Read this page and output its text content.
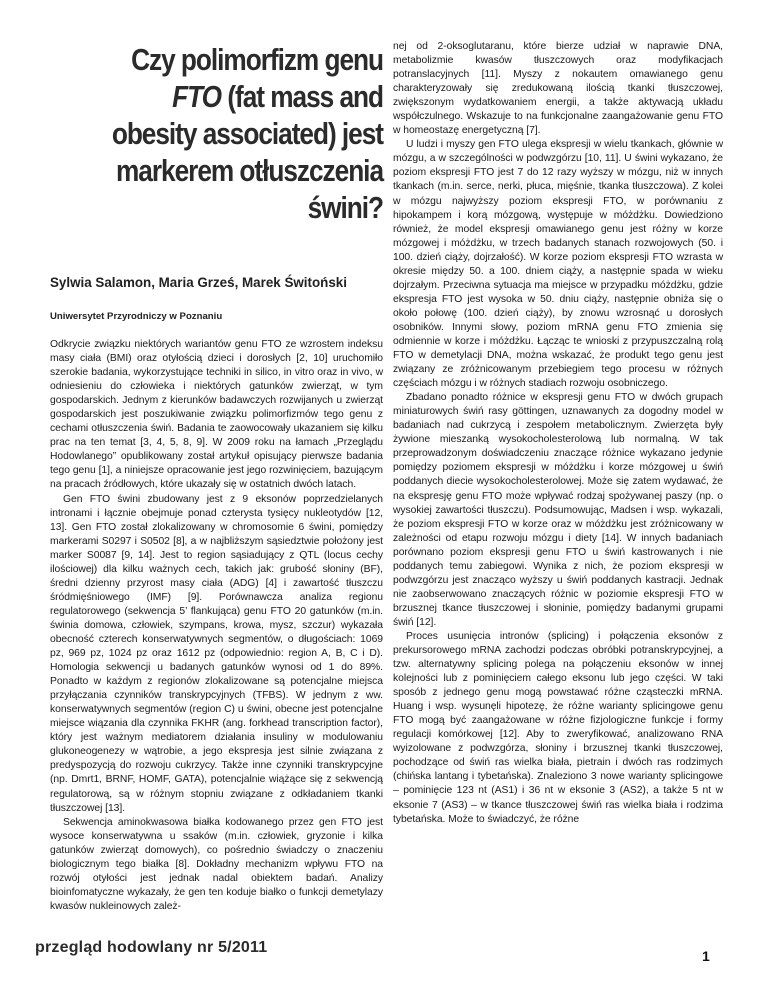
Czy polimorfizm genu
FTO (fat mass and obesity associated) jest markerem otłuszczenia świni?
Sylwia Salamon, Maria Grześ, Marek Świtoński
Uniwersytet Przyrodniczy w Poznaniu
Odkrycie związku niektórych wariantów genu FTO ze wzrostem indeksu masy ciała (BMI) oraz otyłością dzieci i dorosłych [2, 10] uruchomiło szerokie badania, wykorzystujące techniki in silico, in vitro oraz in vivo, w odniesieniu do człowieka i niektórych gatunków zwierząt, w tym gospodarskich. Jednym z kierunków badawczych rozwijanych u zwierząt gospodarskich jest poszukiwanie związku polimorfizmów tego genu z cechami otłuszczenia świń. Badania te zaowocowały ukazaniem się kilku prac na ten temat [3, 4, 5, 8, 9]. W 2009 roku na łamach „Przeglądu Hodowlanego” opublikowany został artykuł opisujący pierwsze badania tego genu [1], a niniejsze opracowanie jest jego rozwinięciem, bazującym na pracach źródłowych, które ukazały się w ostatnich dwóch latach.
Gen FTO świni zbudowany jest z 9 eksonów poprzedzielanych intronami i łącznie obejmuje ponad czterysta tysięcy nukleotydów [12, 13]. Gen FTO został zlokalizowany w chromosomie 6 świni, pomiędzy markerami S0297 i S0502 [8], a w najbliższym sąsiedztwie położony jest marker S0087 [9, 14]. Jest to region sąsiadujący z QTL (locus cechy ilościowej) dla kilku ważnych cech, takich jak: grubość słoniny (BF), średni dzienny przyrost masy ciała (ADG) [4] i zawartość tłuszczu śródmięśniowego (IMF) [9]. Porównawcza analiza regionu regulatorowego (sekwencja 5’ flankująca) genu FTO 20 gatunków (m.in. świnia domowa, człowiek, szympans, krowa, mysz, szczur) wykazała obecność czterech konserwatywnych segmentów, o długościach: 1069 pz, 969 pz, 1024 pz oraz 1612 pz (odpowiednio: region A, B, C i D). Homologia sekwencji u badanych gatunków wynosi od 1 do 89%. Ponadto w każdym z regionów zlokalizowane są potencjalne miejsca przyłączania czynników transkrypcyjnych (TFBS). W jednym z ww. konserwatywnych segmentów (region C) u świni, obecne jest potencjalne miejsce wiązania dla czynnika FKHR (ang. forkhead transcription factor), który jest ważnym mediatorem działania insuliny w modulowaniu glukoneogenezy w wątrobie, a jego ekspresja jest silnie związana z predyspozycją do rozwoju cukrzycy. Także inne czynniki transkrypcyjne (np. Dmrt1, BRNF, HOMF, GATA), potencjalnie wiążące się z sekwencją regulatorową, są w różnym stopniu związane z odkładaniem tkanki tłuszczowej [13].
Sekwencja aminokwasowa białka kodowanego przez gen FTO jest wysoce konserwatywna u ssaków (m.in. człowiek, gryzonie i kilka gatunków zwierząt domowych), co pośrednio świadczy o znaczeniu biologicznym tego białka [8]. Dokładny mechanizm wpływu FTO na rozwój otyłości jest jednak nadal obiektem badań. Analizy bioinfomatyczne wykazały, że gen ten koduje białko o funkcji demetylazy kwasów nukleinowych zależ-
nej od 2-oksoglutaranu, które bierze udział w naprawie DNA, metabolizmie kwasów tłuszczowych oraz modyfikacjach potranslacyjnych [11]. Myszy z nokautem omawianego genu charakteryzowały się zredukowaną ilością tkanki tłuszczowej, zwiększonym wydatkowaniem energii, a także aktywacją układu współczulnego. Wskazuje to na funkcjonalne zaangażowanie genu FTO w homeostazę energetyczną [7].
U ludzi i myszy gen FTO ulega ekspresji w wielu tkankach, głównie w mózgu, a w szczególności w podwzgórzu [10, 11]. U świni wykazano, że poziom ekspresji FTO jest 7 do 12 razy wyższy w mózgu, niż w innych tkankach (m.in. serce, nerki, płuca, mięśnie, tkanka tłuszczowa). Z kolei w mózgu najwyższy poziom ekspresji FTO, w porównaniu z hipokampem i korą mózgową, występuje w móżdżku. Dowiedziono również, że model ekspresji omawianego genu jest różny w korze mózgowej i móżdżku, w trzech badanych stanach rozwojowych (50. i 100. dzień ciąży, dojrzałość). W korze poziom ekspresji FTO wzrasta w okresie między 50. a 100. dniem ciąży, a następnie spada w wieku dojrzałym. Przeciwna sytuacja ma miejsce w przypadku móżdżku, gdzie ekspresja FTO jest wysoka w 50. dniu ciąży, następnie obniża się o około połowę (100. dzień ciąży), by znowu wzrosnąć u dorosłych osobników. Innymi słowy, poziom mRNA genu FTO zmienia się odmiennie w korze i móżdżku. Łącząc te wnioski z przypuszczalną rolą FTO w demetylacji DNA, można wskazać, że produkt tego genu jest związany ze zróżnicowanym przebiegiem tego procesu w różnych częściach mózgu i w różnych stadiach rozwoju osobniczego.
Zbadano ponadto różnice w ekspresji genu FTO w dwóch grupach miniaturowych świń rasy göttingen, uznawanych za dogodny model w badaniach nad cukrzycą i zespołem metabolicznym. Zwierzęta były żywione mieszanką wysokocholesterolową lub normalną. W tak przeprowadzonym doświadczeniu znaczące różnice wykazano jedynie pomiędzy poziomem ekspresji w móżdżku i korze mózgowej u świń poddanych diecie wysokocholesterolowej. Może się zatem wydawać, że na ekspresję genu FTO może wpływać rodzaj spożywanej paszy (np. o wysokiej zawartości tłuszczu). Podsumowując, Madsen i wsp. wykazali, że poziom ekspresji FTO w korze oraz w móżdżku jest zróżnicowany w zależności od etapu rozwoju mózgu i diety [14]. W innych badaniach porównano poziom ekspresji genu FTO u świń kastrowanych i nie poddanych temu zabiegowi. Wynika z nich, że poziom ekspresji w podwzgórzu jest znacząco wyższy u świń poddanych kastracji. Jednak nie zaobserwowano znaczących różnic w poziomie ekspresji FTO w brzusznej tkance tłuszczowej i słoninie, pomiędzy badanymi grupami świń [12].
Proces usunięcia intronów (splicing) i połączenia eksonów z prekursorowego mRNA zachodzi podczas obróbki potranskrypcyjnej, a tzw. alternatywny splicing polega na połączeniu eksonów w innej kolejności lub z pominięciem całego eksonu lub jego części. W taki sposób z jednego genu mogą powstawać różne cząsteczki mRNA. Huang i wsp. wysunęli hipotezę, że różne warianty splicingowe genu FTO mogą być zaangażowane w różne fizjologiczne funkcje i formy regulacji komórkowej [12]. Aby to zweryfikować, analizowano RNA wyizolowane z podwzgórza, słoniny i brzusznej tkanki tłuszczowej, pochodzące od świń ras wielka biała, pietrain i dwóch ras rodzimych (chińska lantang i tybetańska). Znaleziono 3 nowe warianty splicingowe – pominięcie 123 nt (AS1) i 36 nt w eksonie 3 (AS2), a także 5 nt w eksonie 7 (AS3) – w tkance tłuszczowej świń ras wielka biała i rodzima tybetańska. Może to świadczyć, że różne
przegląd hodowlany nr 5/2011	1
